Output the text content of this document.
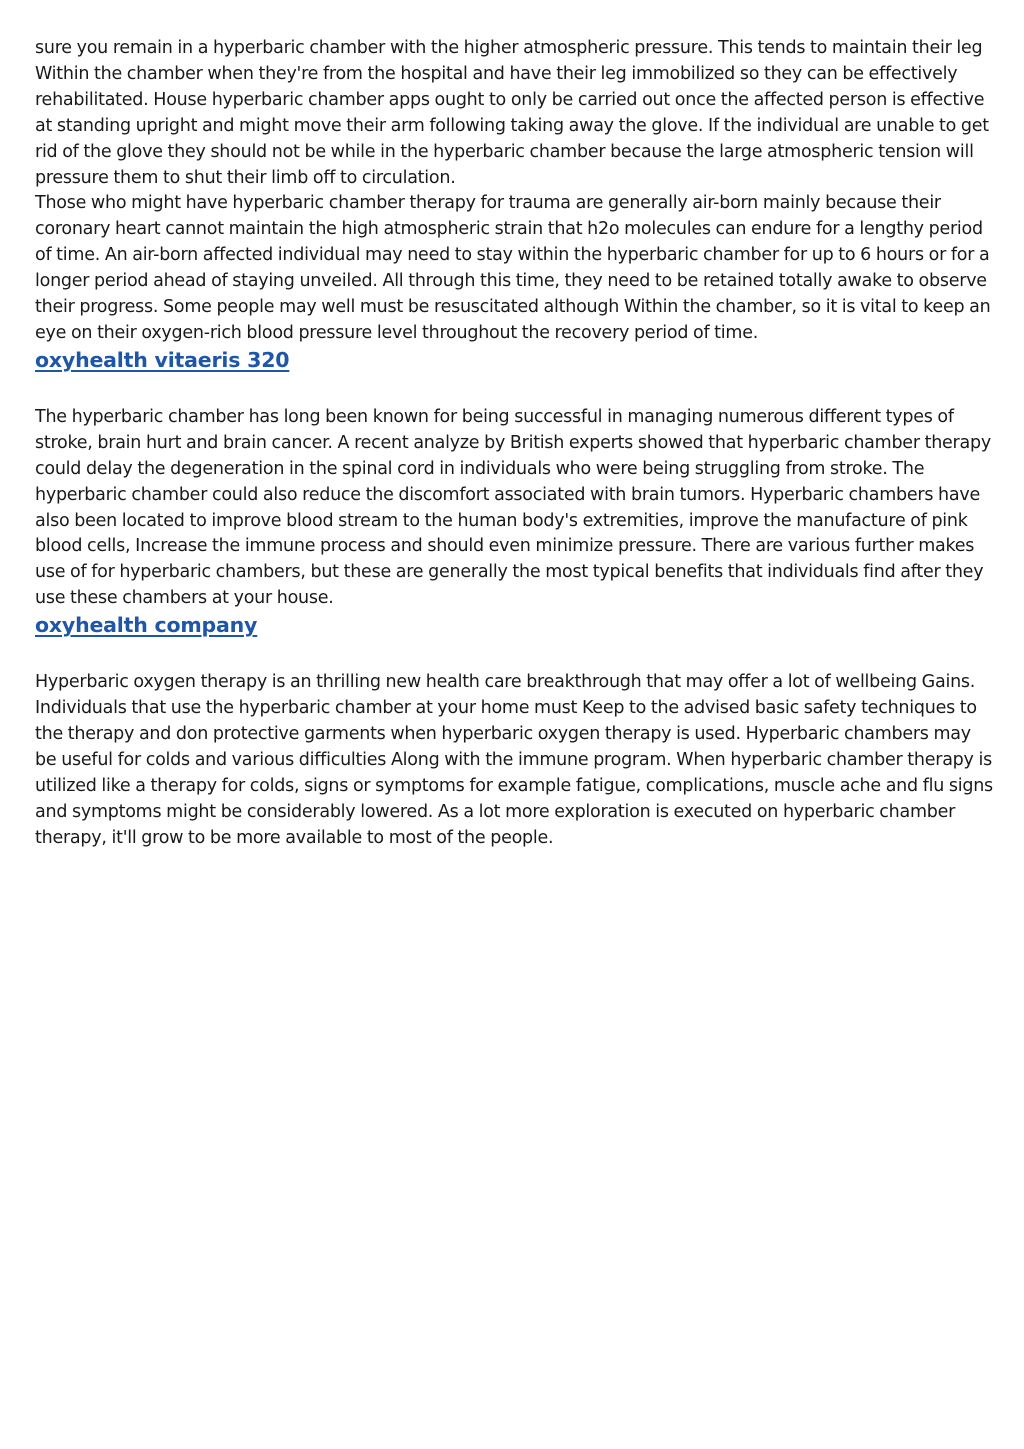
sure you remain in a hyperbaric chamber with the higher atmospheric pressure. This tends to maintain their leg Within the chamber when they're from the hospital and have their leg immobilized so they can be effectively rehabilitated. House hyperbaric chamber apps ought to only be carried out once the affected person is effective at standing upright and might move their arm following taking away the glove. If the individual are unable to get rid of the glove they should not be while in the hyperbaric chamber because the large atmospheric tension will pressure them to shut their limb off to circulation.

Those who might have hyperbaric chamber therapy for trauma are generally air-born mainly because their coronary heart cannot maintain the high atmospheric strain that h2o molecules can endure for a lengthy period of time. An air-born affected individual may need to stay within the hyperbaric chamber for up to 6 hours or for a longer period ahead of staying unveiled. All through this time, they need to be retained totally awake to observe their progress. Some people may well must be resuscitated although Within the chamber, so it is vital to keep an eye on their oxygen-rich blood pressure level throughout the recovery period of time.

oxyhealth vitaeris 320

The hyperbaric chamber has long been known for being successful in managing numerous different types of stroke, brain hurt and brain cancer. A recent analyze by British experts showed that hyperbaric chamber therapy could delay the degeneration in the spinal cord in individuals who were being struggling from stroke. The hyperbaric chamber could also reduce the discomfort associated with brain tumors. Hyperbaric chambers have also been located to improve blood stream to the human body's extremities, improve the manufacture of pink blood cells, Increase the immune process and should even minimize pressure. There are various further makes use of for hyperbaric chambers, but these are generally the most typical benefits that individuals find after they use these chambers at your house.

oxyhealth company

Hyperbaric oxygen therapy is an thrilling new health care breakthrough that may offer a lot of wellbeing Gains. Individuals that use the hyperbaric chamber at your home must Keep to the advised basic safety techniques to the therapy and don protective garments when hyperbaric oxygen therapy is used. Hyperbaric chambers may be useful for colds and various difficulties Along with the immune program. When hyperbaric chamber therapy is utilized like a therapy for colds, signs or symptoms for example fatigue, complications, muscle ache and flu signs and symptoms might be considerably lowered. As a lot more exploration is executed on hyperbaric chamber therapy, it'll grow to be more available to most of the people.
